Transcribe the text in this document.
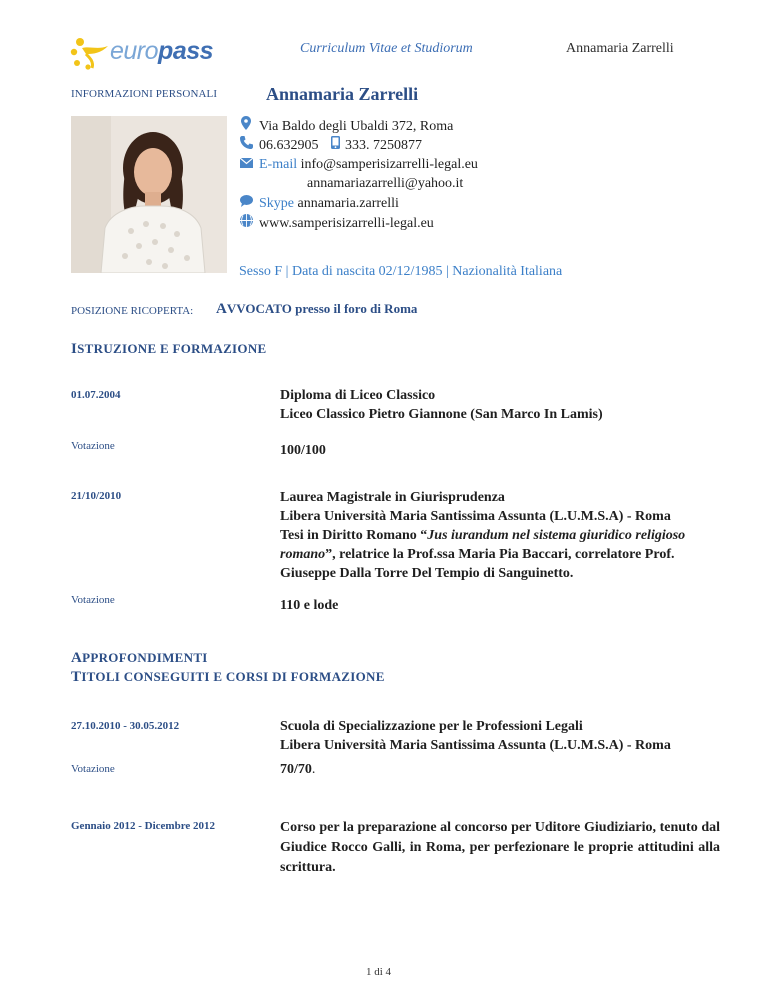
europass	Curriculum Vitae et Studiorum	Annamaria Zarrelli
INFORMAZIONI PERSONALI	Annamaria Zarrelli
Via Baldo degli Ubaldi 372, Roma
06.632905 333. 7250877
E-mail info@samperisizarrelli-legal.eu
annamariazarrelli@yahoo.it
Skype annamaria.zarrelli
www.samperisizarrelli-legal.eu
Sesso F | Data di nascita 02/12/1985 | Nazionalità Italiana
POSIZIONE RICOPERTA: AVVOCATO presso il foro di Roma
ISTRUZIONE E FORMAZIONE
01.07.2004	Diploma di Liceo Classico

Liceo Classico Pietro Giannone (San Marco In Lamis)

Votazione	100/100
21/10/2010	Laurea Magistrale in Giurisprudenza

Libera Università Maria Santissima Assunta (L.U.M.S.A) - Roma

Tesi in Diritto Romano “Jus iurandum nel sistema giuridico religioso romano”, relatrice la Prof.ssa Maria Pia Baccari, correlatore Prof. Giuseppe Dalla Torre Del Tempio di Sanguinetto.

Votazione	110 e lode
APPROFONDIMENTI
TITOLI CONSEGUITI E CORSI DI FORMAZIONE
27.10.2010 - 30.05.2012	Scuola di Specializzazione per le Professioni Legali

Libera Università Maria Santissima Assunta (L.U.M.S.A) - Roma

Votazione	70/70.
Gennaio 2012 - Dicembre 2012	Corso per la preparazione al concorso per Uditore Giudiziario, tenuto dal Giudice Rocco Galli, in Roma, per perfezionare le proprie attitudini alla scrittura.
1 di 4
